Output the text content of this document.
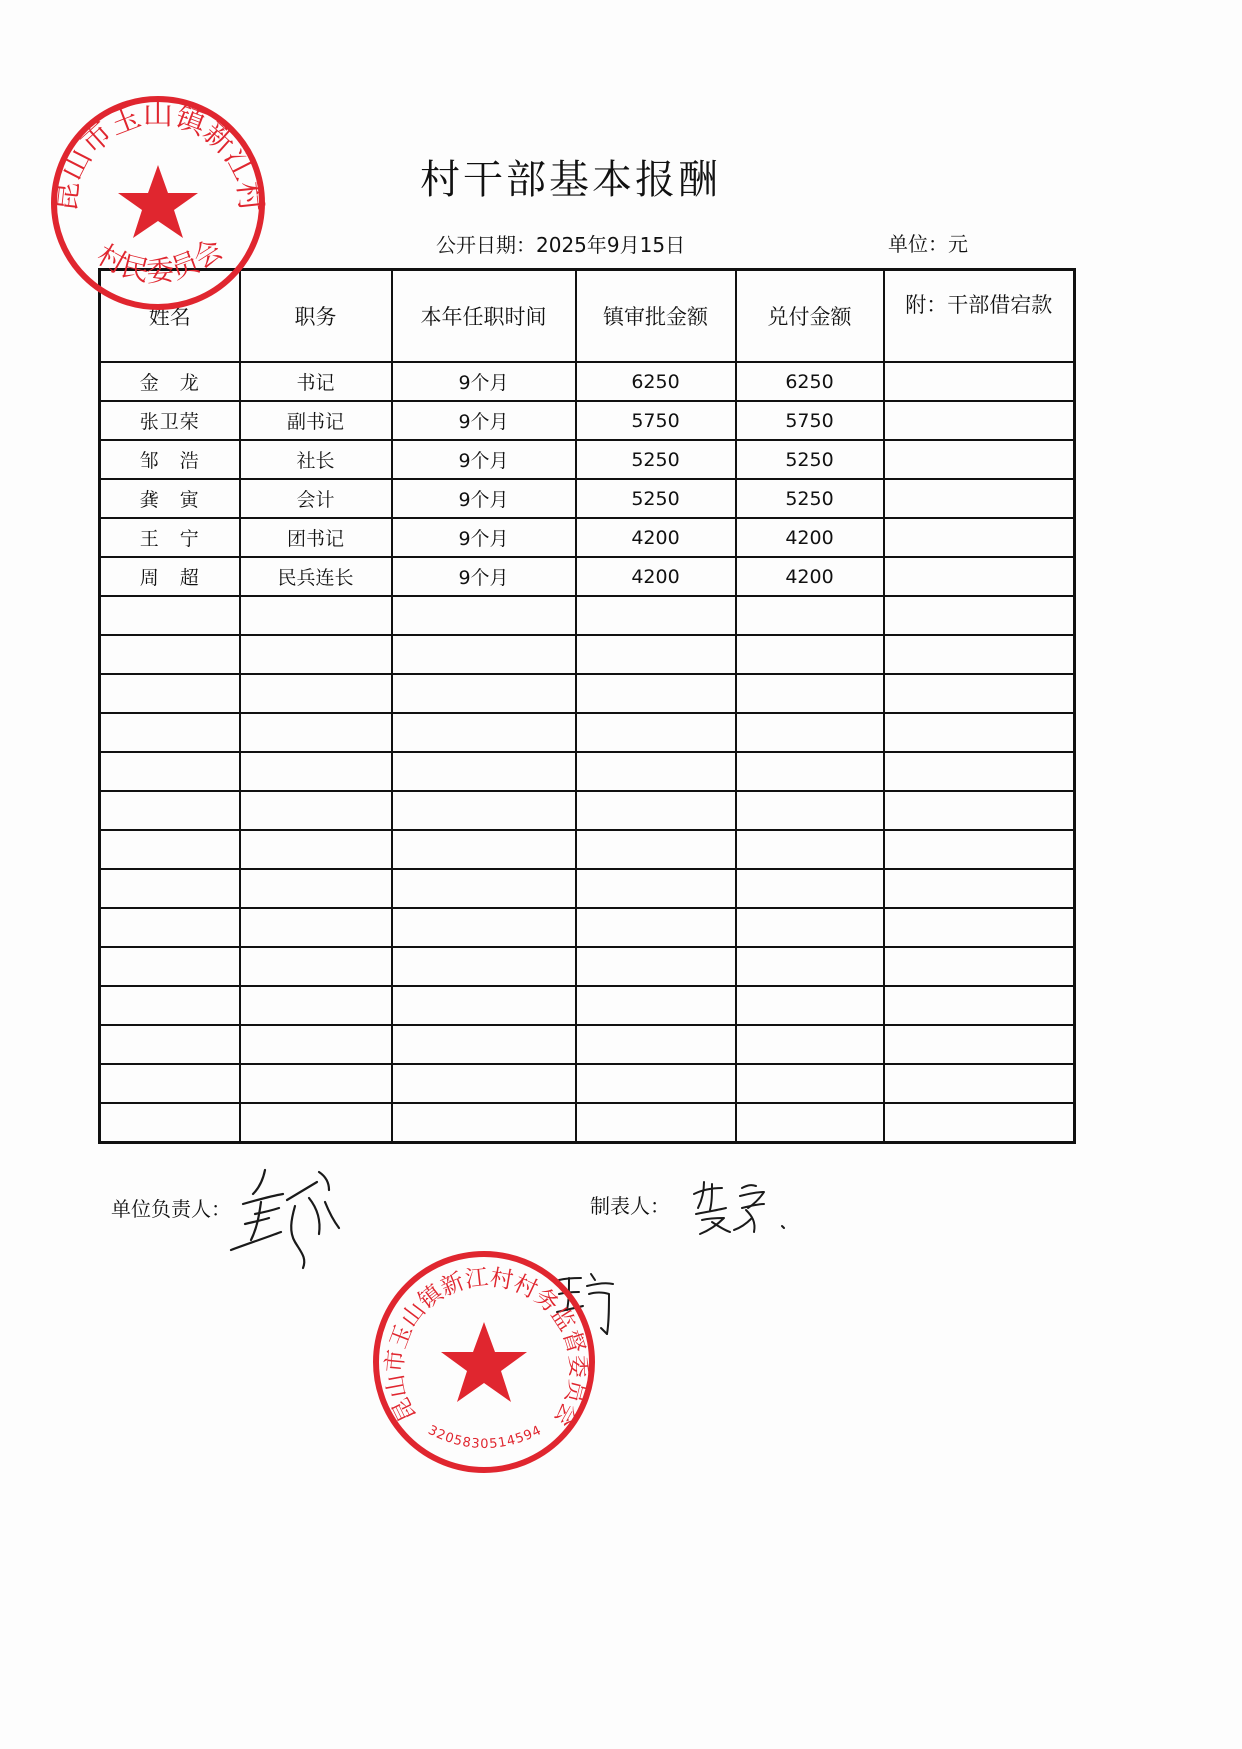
村干部基本报酬
公开日期：2025年9月15日	单位：元
姓名	职务	本年任职时间	镇审批金额	兑付金额	附：干部借宕款
金　龙	书记	9个月	6250	6250	
张卫荣	副书记	9个月	5750	5750	
邹　浩	社长	9个月	5250	5250	
龚　寅	会计	9个月	5250	5250	
王　宁	团书记	9个月	4200	4200	
周　超	民兵连长	9个月	4200	4200	

单位负责人：	制表人：
昆山市玉山镇新江村
村民委员会
昆山市玉山镇新江村村务监督委员会
3205830514594
